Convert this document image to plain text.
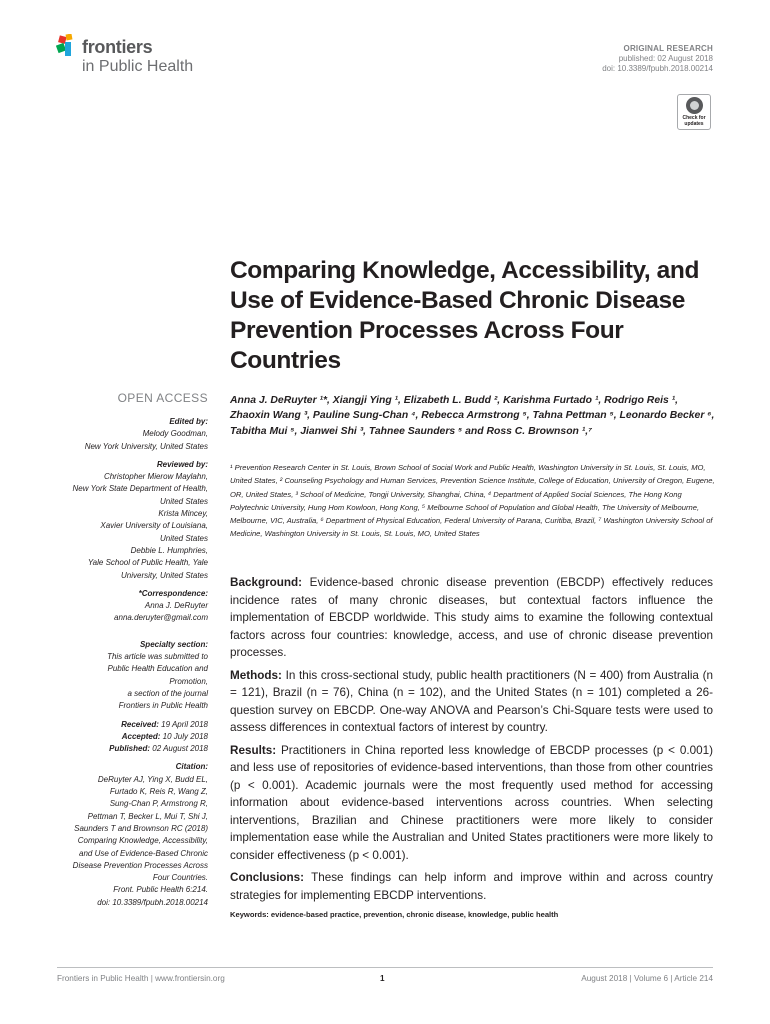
frontiers
in Public Health
ORIGINAL RESEARCH
published: 02 August 2018
doi: 10.3389/fpubh.2018.00214
Check for
updates
Comparing Knowledge, Accessibility, and Use of Evidence-Based Chronic Disease Prevention Processes Across Four Countries
OPEN ACCESS
Edited by:
Melody Goodman,
New York University, United States
Reviewed by:
Christopher Mierow Maylahn,
New York State Department of Health,
United States
Krista Mincey,
Xavier University of Louisiana,
United States
Debbie L. Humphries,
Yale School of Public Health, Yale
University, United States
*Correspondence:
Anna J. DeRuyter
anna.deruyter@gmail.com
Specialty section:
This article was submitted to
Public Health Education and
Promotion,
a section of the journal
Frontiers in Public Health
Received: 19 April 2018
Accepted: 10 July 2018
Published: 02 August 2018
Citation:
DeRuyter AJ, Ying X, Budd EL,
Furtado K, Reis R, Wang Z,
Sung-Chan P, Armstrong R,
Pettman T, Becker L, Mui T, Shi J,
Saunders T and Brownson RC (2018)
Comparing Knowledge, Accessibility,
and Use of Evidence-Based Chronic
Disease Prevention Processes Across
Four Countries.
Front. Public Health 6:214.
doi: 10.3389/fpubh.2018.00214
Anna J. DeRuyter ¹*, Xiangji Ying ¹, Elizabeth L. Budd ², Karishma Furtado ¹, Rodrigo Reis ¹, Zhaoxin Wang ³, Pauline Sung-Chan ⁴, Rebecca Armstrong ⁵, Tahna Pettman ⁵, Leonardo Becker ⁶, Tabitha Mui ⁵, Jianwei Shi ³, Tahnee Saunders ⁵ and Ross C. Brownson ¹,⁷
¹ Prevention Research Center in St. Louis, Brown School of Social Work and Public Health, Washington University in St. Louis, St. Louis, MO, United States, ² Counseling Psychology and Human Services, Prevention Science Institute, College of Education, University of Oregon, Eugene, OR, United States, ³ School of Medicine, Tongji University, Shanghai, China, ⁴ Department of Applied Social Sciences, The Hong Kong Polytechnic University, Hung Hom Kowloon, Hong Kong, ⁵ Melbourne School of Population and Global Health, The University of Melbourne, Melbourne, VIC, Australia, ⁶ Department of Physical Education, Federal University of Parana, Curitiba, Brazil, ⁷ Washington University School of Medicine, Washington University in St. Louis, St. Louis, MO, United States

Background: Evidence-based chronic disease prevention (EBCDP) effectively reduces incidence rates of many chronic diseases, but contextual factors influence the implementation of EBCDP worldwide. This study aims to examine the following contextual factors across four countries: knowledge, access, and use of chronic disease prevention processes.

Methods: In this cross-sectional study, public health practitioners (N = 400) from Australia (n = 121), Brazil (n = 76), China (n = 102), and the United States (n = 101) completed a 26-question survey on EBCDP. One-way ANOVA and Pearson’s Chi-Square tests were used to assess differences in contextual factors of interest by country.

Results: Practitioners in China reported less knowledge of EBCDP processes (p < 0.001) and less use of repositories of evidence-based interventions, than those from other countries (p < 0.001). Academic journals were the most frequently used method for accessing information about evidence-based interventions across countries. When selecting interventions, Brazilian and Chinese practitioners were more likely to consider implementation ease while the Australian and United States practitioners were more likely to consider effectiveness (p < 0.001).

Conclusions: These findings can help inform and improve within and across country strategies for implementing EBCDP interventions.

Keywords: evidence-based practice, prevention, chronic disease, knowledge, public health
Frontiers in Public Health | www.frontiersin.org	1	August 2018 | Volume 6 | Article 214
